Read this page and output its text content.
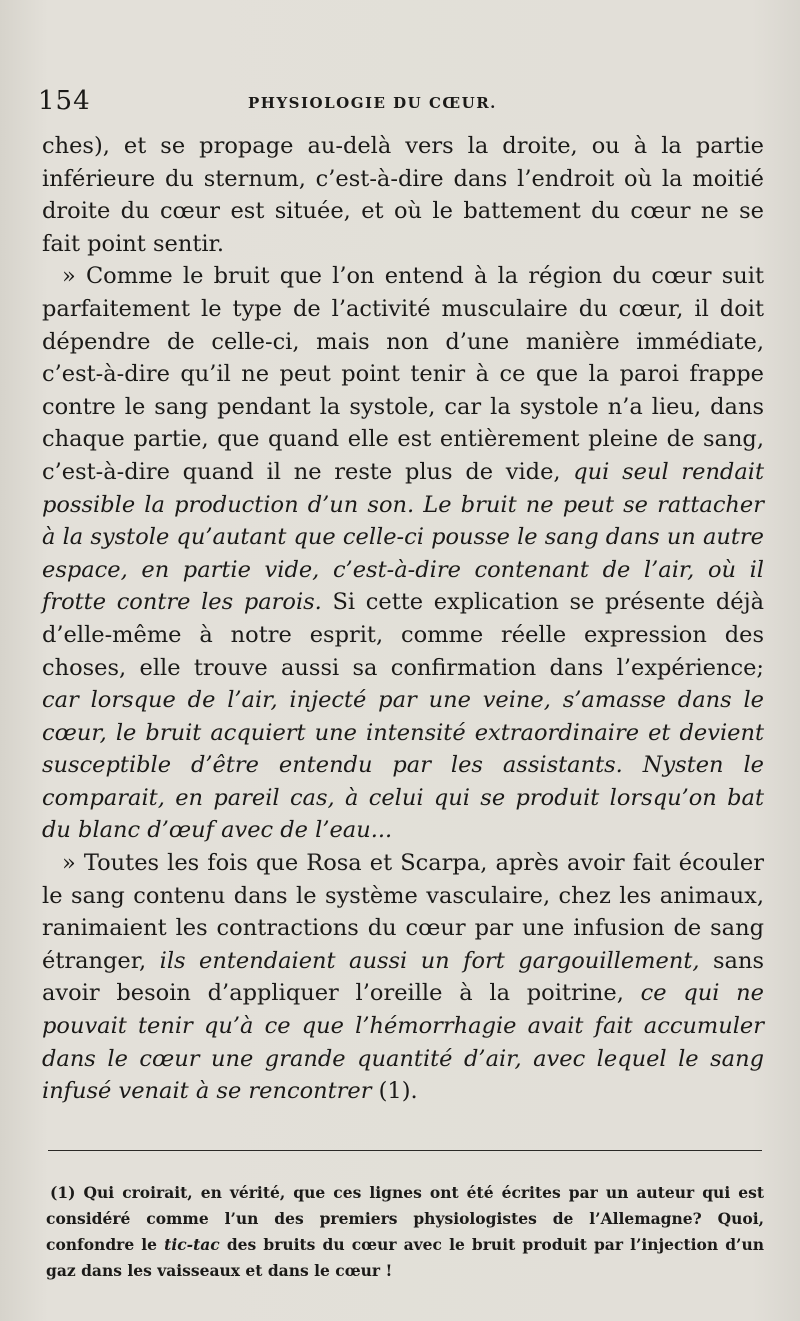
154	PHYSIOLOGIE DU CŒUR.

ches), et se propage au-delà vers la droite, ou à la partie inférieure du sternum, c’est-à-dire dans l’endroit où la moitié droite du cœur est située, et où le battement du cœur ne se fait point sentir.

» Comme le bruit que l’on entend à la région du cœur suit parfaitement le type de l’activité musculaire du cœur, il doit dépendre de celle-ci, mais non d’une manière immédiate, c’est-à-dire qu’il ne peut point tenir à ce que la paroi frappe contre le sang pendant la systole, car la systole n’a lieu, dans chaque partie, que quand elle est entièrement pleine de sang, c’est-à-dire quand il ne reste plus de vide, qui seul rendait possible la production d’un son. Le bruit ne peut se rattacher à la systole qu’autant que celle-ci pousse le sang dans un autre espace, en partie vide, c’est-à-dire contenant de l’air, où il frotte contre les parois. Si cette explication se présente déjà d’elle-même à notre esprit, comme réelle expression des choses, elle trouve aussi sa confirmation dans l’expérience; car lorsque de l’air, injecté par une veine, s’amasse dans le cœur, le bruit acquiert une intensité extraordinaire et devient susceptible d’être entendu par les assistants. Nysten le comparait, en pareil cas, à celui qui se produit lorsqu’on bat du blanc d’œuf avec de l’eau...

» Toutes les fois que Rosa et Scarpa, après avoir fait écouler le sang contenu dans le système vasculaire, chez les animaux, ranimaient les contractions du cœur par une infusion de sang étranger, ils entendaient aussi un fort gargouillement, sans avoir besoin d’appliquer l’oreille à la poitrine, ce qui ne pouvait tenir qu’à ce que l’hémorrhagie avait fait accumuler dans le cœur une grande quantité d’air, avec lequel le sang infusé venait à se rencontrer (1).

(1) Qui croirait, en vérité, que ces lignes ont été écrites par un auteur qui est considéré comme l’un des premiers physiologistes de l’Allemagne? Quoi, confondre le tic-tac des bruits du cœur avec le bruit produit par l’injection d’un gaz dans les vaisseaux et dans le cœur !
